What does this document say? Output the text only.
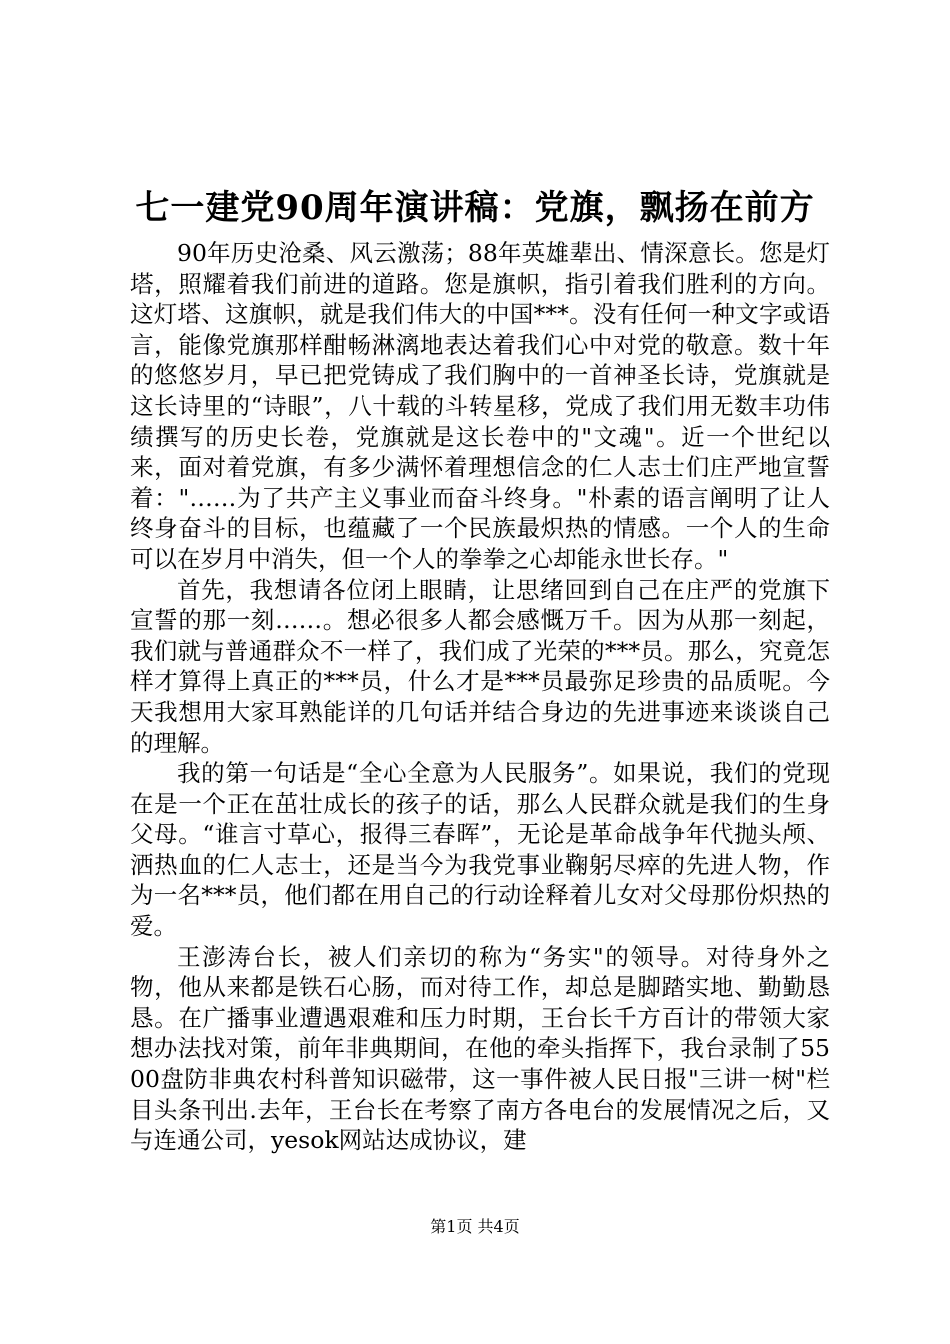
七一建党90周年演讲稿：党旗，飘扬在前方

90年历史沧桑、风云激荡；88年英雄辈出、情深意长。您是灯塔，照耀着我们前进的道路。您是旗帜，指引着我们胜利的方向。这灯塔、这旗帜，就是我们伟大的中国***。没有任何一种文字或语言，能像党旗那样酣畅淋漓地表达着我们心中对党的敬意。数十年的悠悠岁月，早已把党铸成了我们胸中的一首神圣长诗，党旗就是这长诗里的“诗眼”，八十载的斗转星移，党成了我们用无数丰功伟绩撰写的历史长卷，党旗就是这长卷中的"文魂"。近一个世纪以来，面对着党旗，有多少满怀着理想信念的仁人志士们庄严地宣誓着："……为了共产主义事业而奋斗终身。"朴素的语言阐明了让人终身奋斗的目标，也蕴藏了一个民族最炽热的情感。一个人的生命可以在岁月中消失，但一个人的拳拳之心却能永世长存。"

首先，我想请各位闭上眼睛，让思绪回到自己在庄严的党旗下宣誓的那一刻……。想必很多人都会感慨万千。因为从那一刻起，我们就与普通群众不一样了，我们成了光荣的***员。那么，究竟怎样才算得上真正的***员，什么才是***员最弥足珍贵的品质呢。今天我想用大家耳熟能详的几句话并结合身边的先进事迹来谈谈自己的理解。

我的第一句话是“全心全意为人民服务”。如果说，我们的党现在是一个正在茁壮成长的孩子的话，那么人民群众就是我们的生身父母。“谁言寸草心，报得三春晖”，无论是革命战争年代抛头颅、洒热血的仁人志士，还是当今为我党事业鞠躬尽瘁的先进人物，作为一名***员，他们都在用自己的行动诠释着儿女对父母那份炽热的爱。

王澎涛台长，被人们亲切的称为“务实"的领导。对待身外之物，他从来都是铁石心肠，而对待工作，却总是脚踏实地、勤勤恳恳。在广播事业遭遇艰难和压力时期，王台长千方百计的带领大家想办法找对策，前年非典期间，在他的牵头指挥下，我台录制了5500盘防非典农村科普知识磁带，这一事件被人民日报"三讲一树"栏目头条刊出.去年，王台长在考察了南方各电台的发展情况之后，又与连通公司，yesok网站达成协议，建

第1页 共4页
